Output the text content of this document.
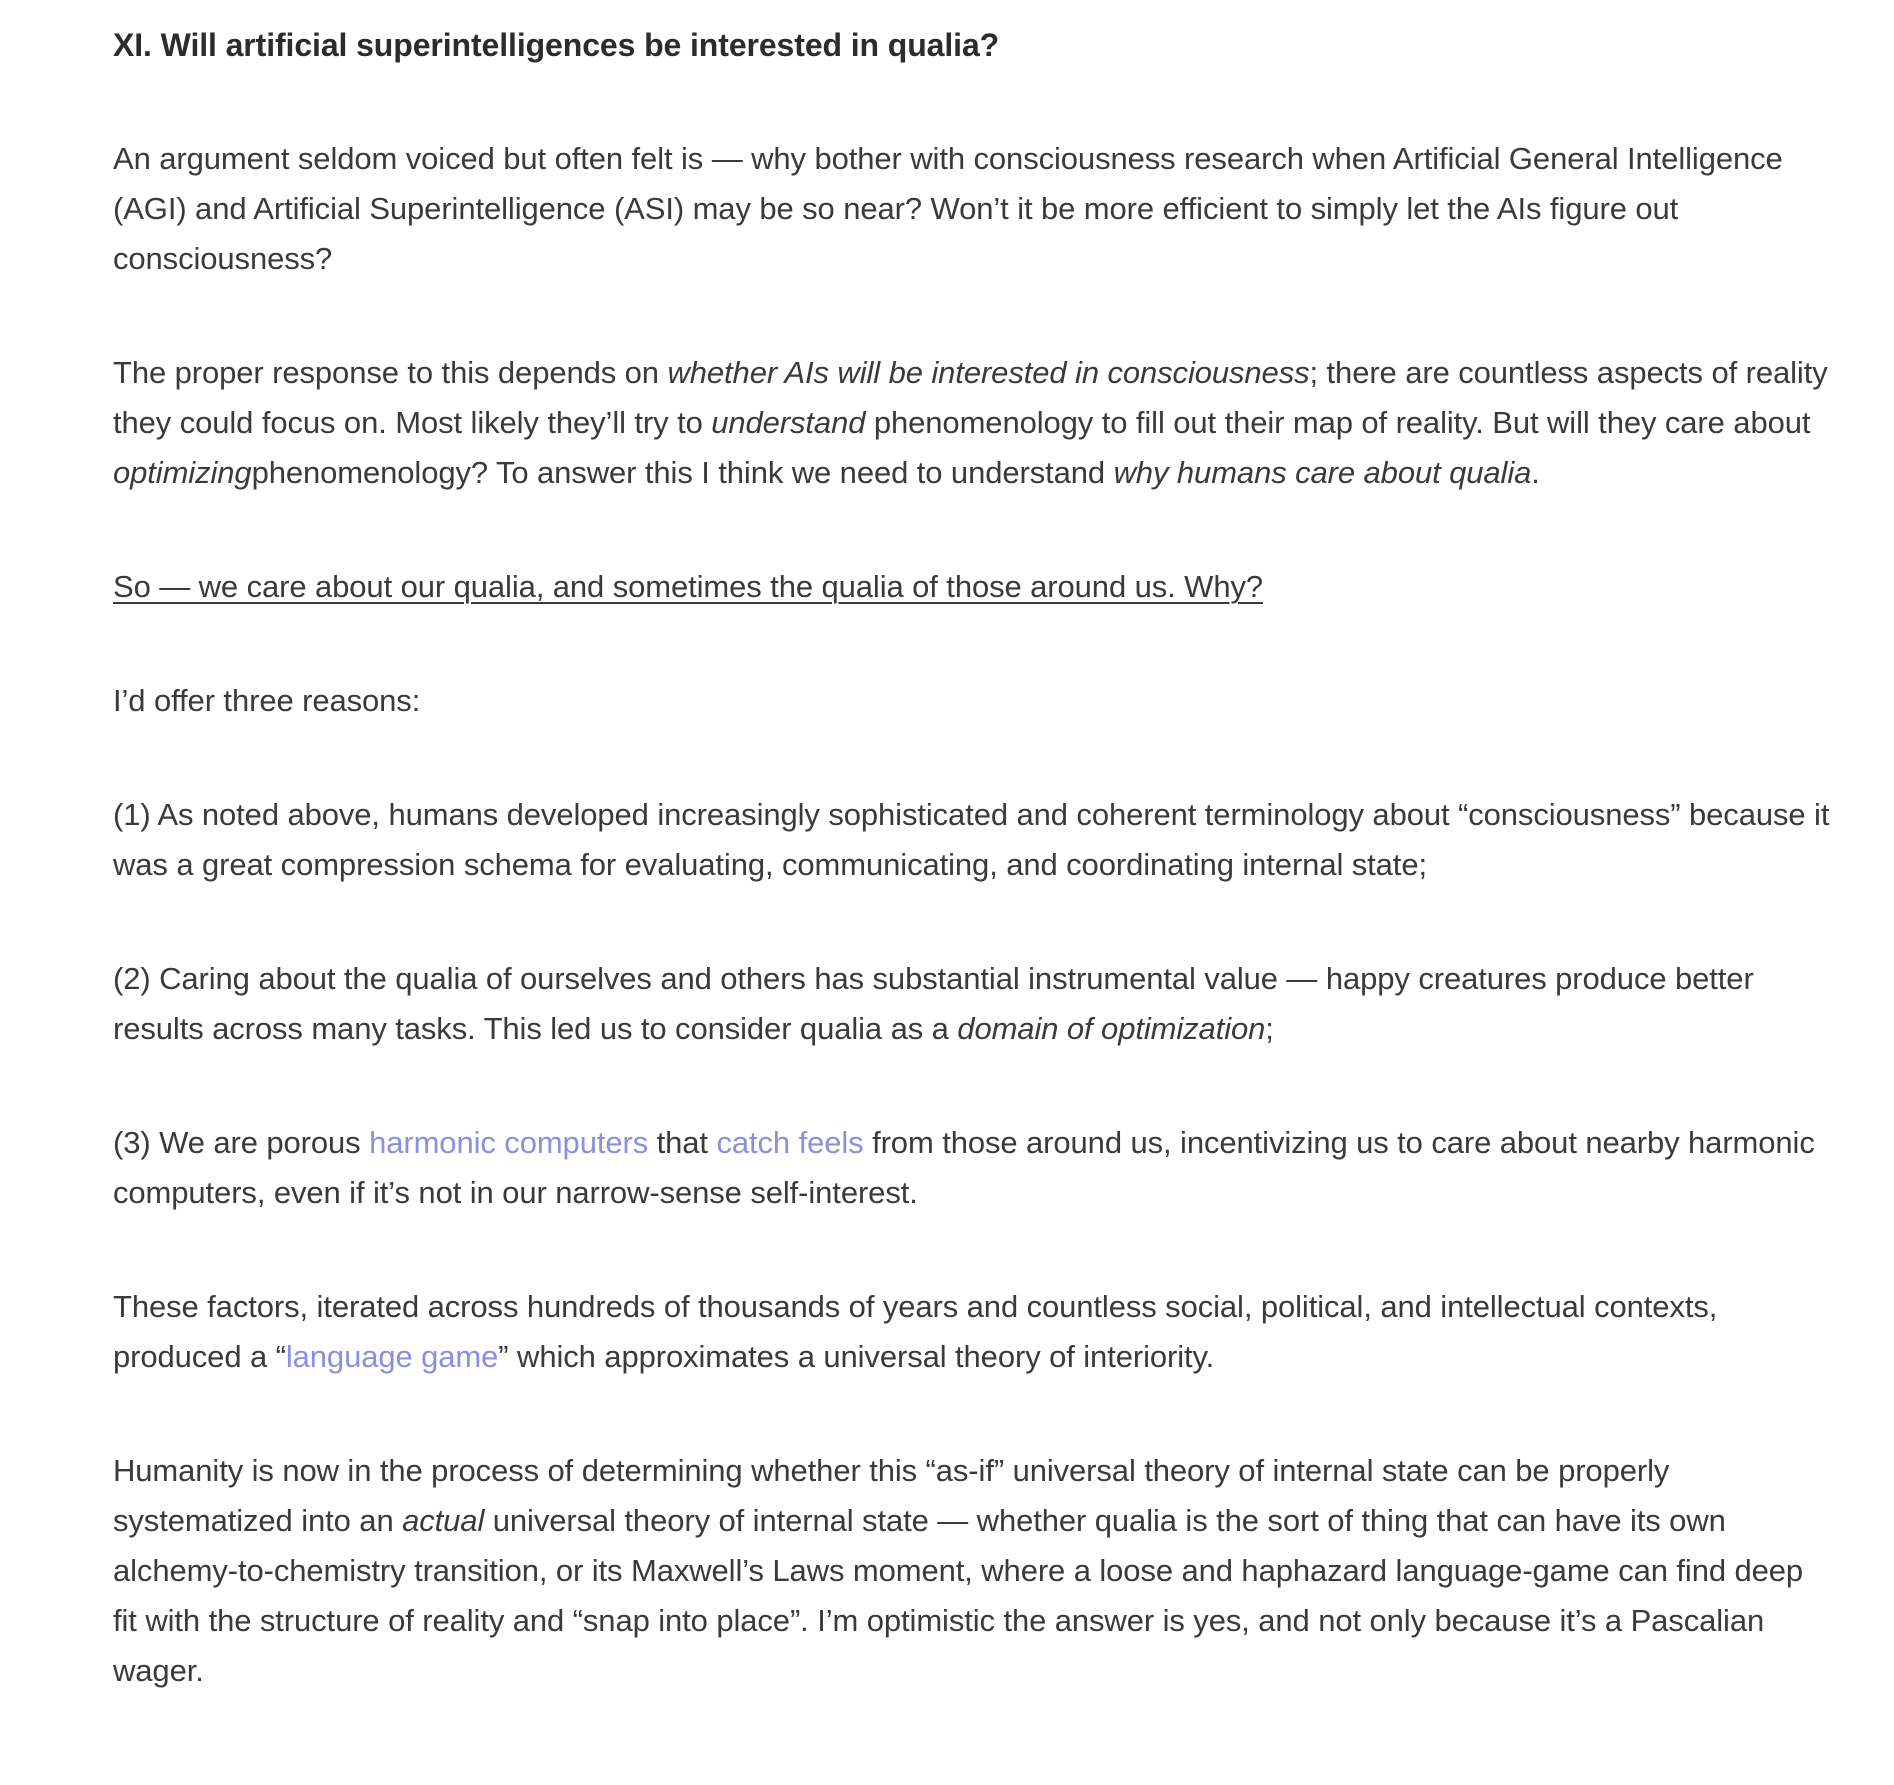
XI. Will artificial superintelligences be interested in qualia?

An argument seldom voiced but often felt is — why bother with consciousness research when Artificial General Intelligence (AGI) and Artificial Superintelligence (ASI) may be so near? Won’t it be more efficient to simply let the AIs figure out consciousness?

The proper response to this depends on whether AIs will be interested in consciousness; there are countless aspects of reality they could focus on. Most likely they’ll try to understand phenomenology to fill out their map of reality. But will they care about optimizingphenomenology? To answer this I think we need to understand why humans care about qualia.

So — we care about our qualia, and sometimes the qualia of those around us. Why?

I’d offer three reasons:

(1) As noted above, humans developed increasingly sophisticated and coherent terminology about “consciousness” because it was a great compression schema for evaluating, communicating, and coordinating internal state;

(2) Caring about the qualia of ourselves and others has substantial instrumental value — happy creatures produce better results across many tasks. This led us to consider qualia as a domain of optimization;

(3) We are porous harmonic computers that catch feels from those around us, incentivizing us to care about nearby harmonic computers, even if it’s not in our narrow-sense self-interest.

These factors, iterated across hundreds of thousands of years and countless social, political, and intellectual contexts, produced a “language game” which approximates a universal theory of interiority.

Humanity is now in the process of determining whether this “as-if” universal theory of internal state can be properly systematized into an actual universal theory of internal state — whether qualia is the sort of thing that can have its own alchemy-to-chemistry transition, or its Maxwell’s Laws moment, where a loose and haphazard language-game can find deep fit with the structure of reality and “snap into place”. I’m optimistic the answer is yes, and not only because it’s a Pascalian wager.
